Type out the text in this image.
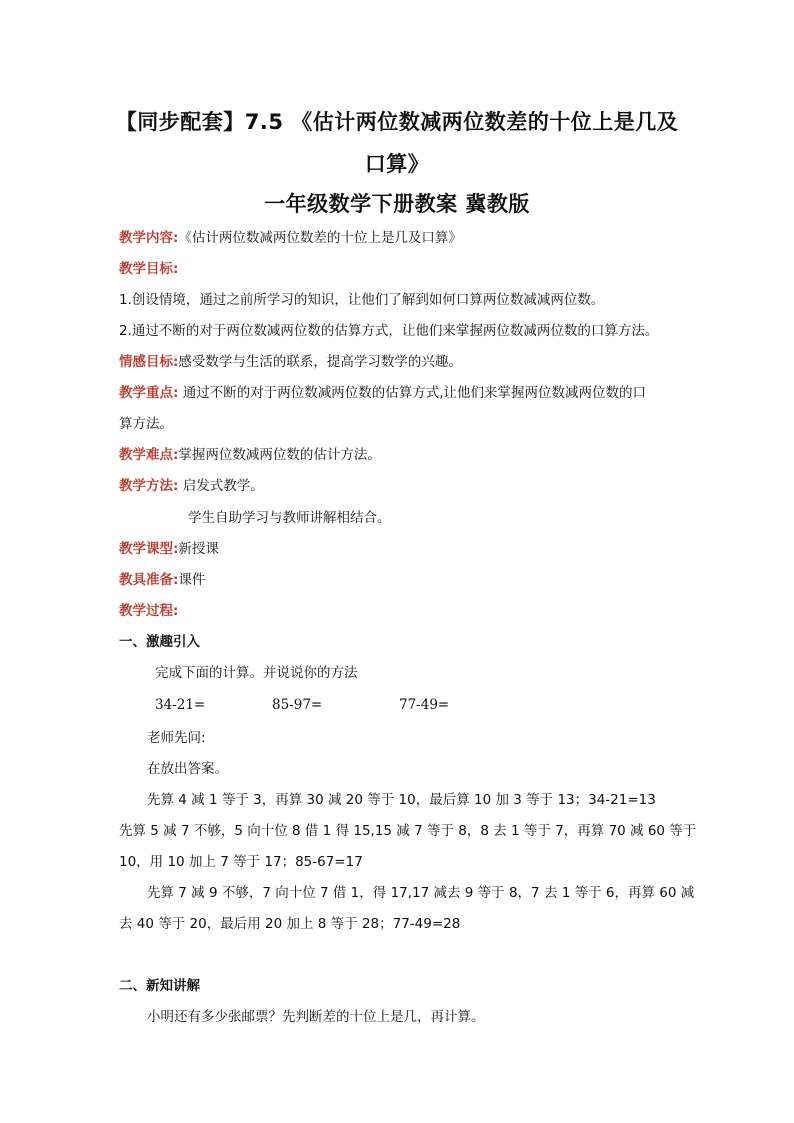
【同步配套】7.5 《估计两位数减两位数差的十位上是几及
口算》
一年级数学下册教案 冀教版
教学内容:《估计两位数减两位数差的十位上是几及口算》
教学目标:
1.创设情境，通过之前所学习的知识，让他们了解到如何口算两位数减减两位数。
2.通过不断的对于两位数减两位数的估算方式，让他们来掌握两位数减两位数的口算方法。
情感目标:感受数学与生活的联系，提高学习数学的兴趣。
教学重点: 通过不断的对于两位数减两位数的估算方式,让他们来掌握两位数减两位数的口
算方法。
教学难点:掌握两位数减两位数的估计方法。
教学方法: 启发式教学。
学生自助学习与教师讲解相结合。
教学课型:新授课
教具准备:课件
教学过程:
一、激趣引入
完成下面的计算。并说说你的方法
34-21=	85-97=	77-49=
老师先问:
在放出答案。
先算 4 减 1 等于 3，再算 30 减 20 等于 10，最后算 10 加 3 等于 13；34-21=13
先算 5 减 7 不够，5 向十位 8 借 1 得 15,15 减 7 等于 8，8 去 1 等于 7，再算 70 减 60 等于
10，用 10 加上 7 等于 17；85-67=17
先算 7 减 9 不够，7 向十位 7 借 1，得 17,17 减去 9 等于 8，7 去 1 等于 6，再算 60 减
去 40 等于 20，最后用 20 加上 8 等于 28；77-49=28
二、新知讲解
小明还有多少张邮票？先判断差的十位上是几，再计算。
